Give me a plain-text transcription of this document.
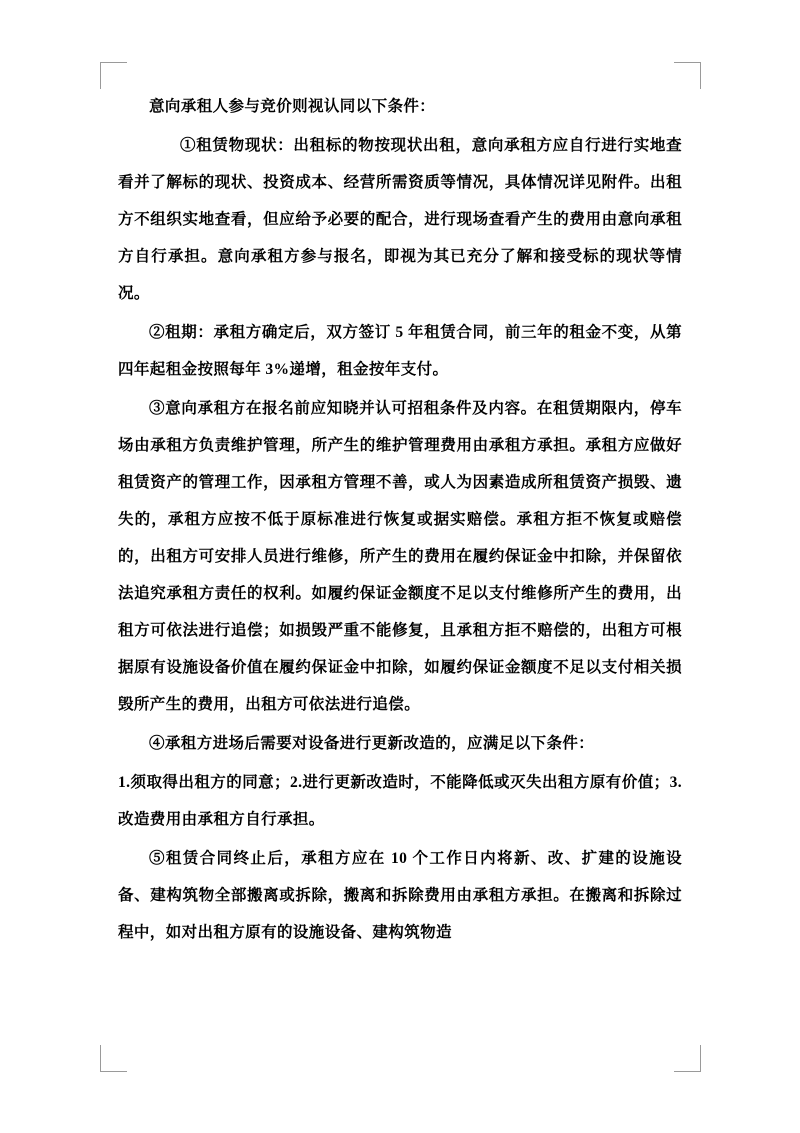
意向承租人参与竞价则视认同以下条件：

①租赁物现状：出租标的物按现状出租，意向承租方应自行进行实地查看并了解标的现状、投资成本、经营所需资质等情况，具体情况详见附件。出租方不组织实地查看，但应给予必要的配合，进行现场查看产生的费用由意向承租方自行承担。意向承租方参与报名，即视为其已充分了解和接受标的现状等情况。

②租期：承租方确定后，双方签订 5 年租赁合同，前三年的租金不变，从第四年起租金按照每年 3%递增，租金按年支付。

③意向承租方在报名前应知晓并认可招租条件及内容。在租赁期限内，停车场由承租方负责维护管理，所产生的维护管理费用由承租方承担。承租方应做好租赁资产的管理工作，因承租方管理不善，或人为因素造成所租赁资产损毁、遗失的，承租方应按不低于原标准进行恢复或据实赔偿。承租方拒不恢复或赔偿的，出租方可安排人员进行维修，所产生的费用在履约保证金中扣除，并保留依法追究承租方责任的权利。如履约保证金额度不足以支付维修所产生的费用，出租方可依法进行追偿；如损毁严重不能修复，且承租方拒不赔偿的，出租方可根据原有设施设备价值在履约保证金中扣除，如履约保证金额度不足以支付相关损毁所产生的费用，出租方可依法进行追偿。

④承租方进场后需要对设备进行更新改造的，应满足以下条件：

1.须取得出租方的同意；2.进行更新改造时，不能降低或灭失出租方原有价值；3.改造费用由承租方自行承担。

⑤租赁合同终止后，承租方应在 10 个工作日内将新、改、扩建的设施设备、建构筑物全部搬离或拆除，搬离和拆除费用由承租方承担。在搬离和拆除过程中，如对出租方原有的设施设备、建构筑物造
